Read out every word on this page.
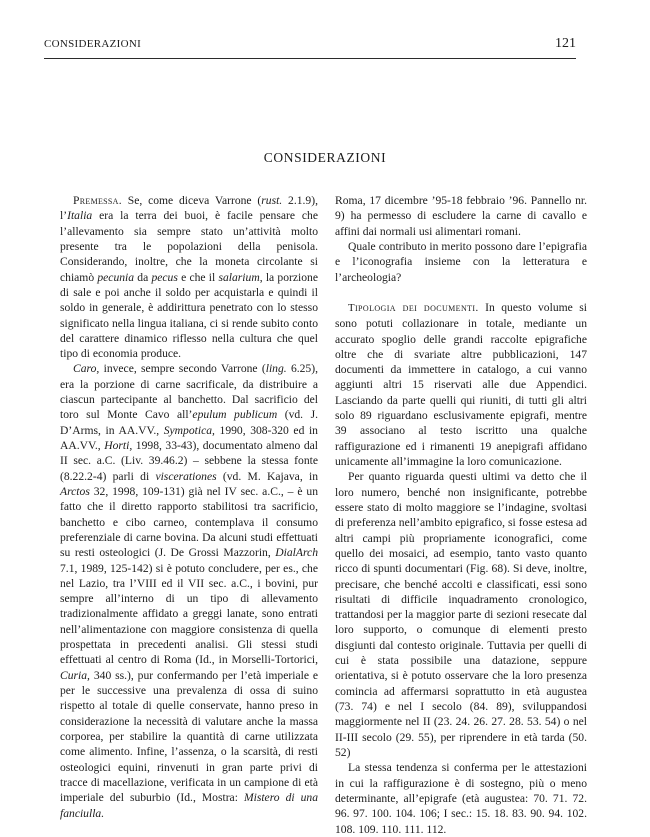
CONSIDERAZIONI	121
CONSIDERAZIONI

Premessa. Se, come diceva Varrone (rust. 2.1.9), l’Italia era la terra dei buoi, è facile pensare che l’allevamento sia sempre stato un’attività molto presente tra le popolazioni della penisola. Considerando, inoltre, che la moneta circolante si chiamò pecunia da pecus e che il salarium, la porzione di sale e poi anche il soldo per acquistarla e quindi il soldo in generale, è addirittura penetrato con lo stesso significato nella lingua italiana, ci si rende subito conto del carattere dinamico riflesso nella cultura che quel tipo di economia produce.

Caro, invece, sempre secondo Varrone (ling. 6.25), era la porzione di carne sacrificale, da distribuire a ciascun partecipante al banchetto. Dal sacrificio del toro sul Monte Cavo all’epulum publicum (vd. J. D’Arms, in AA.VV., Sympotica, 1990, 308-320 ed in AA.VV., Horti, 1998, 33-43), documentato almeno dal II sec. a.C. (Liv. 39.46.2) – sebbene la stessa fonte (8.22.2-4) parli di viscerationes (vd. M. Kajava, in Arctos 32, 1998, 109-131) già nel IV sec. a.C., – è un fatto che il diretto rapporto stabilitosi tra sacrificio, banchetto e cibo carneo, contemplava il consumo preferenziale di carne bovina. Da alcuni studi effettuati su resti osteologici (J. De Grossi Mazzorin, DialArch 7.1, 1989, 125-142) si è potuto concludere, per es., che nel Lazio, tra l’VIII ed il VII sec. a.C., i bovini, pur sempre all’interno di un tipo di allevamento tradizionalmente affidato a greggi lanate, sono entrati nell’alimentazione con maggiore consistenza di quella prospettata in precedenti analisi. Gli stessi studi effettuati al centro di Roma (Id., in Morselli-Tortorici, Curia, 340 ss.), pur confermando per l’età imperiale e per le successive una prevalenza di ossa di suino rispetto al totale di quelle conservate, hanno preso in considerazione la necessità di valutare anche la massa corporea, per stabilire la quantità di carne utilizzata come alimento. Infine, l’assenza, o la scarsità, di resti osteologici equini, rinvenuti in gran parte privi di tracce di macellazione, verificata in un campione di età imperiale del suburbio (Id., Mostra: Mistero di una fanciulla.

Roma, 17 dicembre ’95-18 febbraio ’96. Pannello nr. 9) ha permesso di escludere la carne di cavallo e affini dai normali usi alimentari romani.

Quale contributo in merito possono dare l’epigrafia e l’iconografia insieme con la letteratura e l’archeologia?

Tipologia dei documenti. In questo volume si sono potuti collazionare in totale, mediante un accurato spoglio delle grandi raccolte epigrafiche oltre che di svariate altre pubblicazioni, 147 documenti da immettere in catalogo, a cui vanno aggiunti altri 15 riservati alle due Appendici. Lasciando da parte quelli qui riuniti, di tutti gli altri solo 89 riguardano esclusivamente epigrafi, mentre 39 associano al testo iscritto una qualche raffigurazione ed i rimanenti 19 anepigrafi affidano unicamente all’immagine la loro comunicazione.

Per quanto riguarda questi ultimi va detto che il loro numero, benché non insignificante, potrebbe essere stato di molto maggiore se l’indagine, svoltasi di preferenza nell’ambito epigrafico, si fosse estesa ad altri campi più propriamente iconografici, come quello dei mosaici, ad esempio, tanto vasto quanto ricco di spunti documentari (Fig. 68). Si deve, inoltre, precisare, che benché accolti e classificati, essi sono risultati di difficile inquadramento cronologico, trattandosi per la maggior parte di sezioni resecate dal loro supporto, o comunque di elementi presto disgiunti dal contesto originale. Tuttavia per quelli di cui è stata possibile una datazione, seppure orientativa, si è potuto osservare che la loro presenza comincia ad affermarsi soprattutto in età augustea (73. 74) e nel I secolo (84. 89), sviluppandosi maggiormente nel II (23. 24. 26. 27. 28. 53. 54) o nel II-III secolo (29. 55), per riprendere in età tarda (50. 52)

La stessa tendenza si conferma per le attestazioni in cui la raffigurazione è di sostegno, più o meno determinante, all’epigrafe (età augustea: 70. 71. 72. 96. 97. 100. 104. 106; I sec.: 15. 18. 83. 90. 94. 102. 108. 109. 110. 111. 112.
